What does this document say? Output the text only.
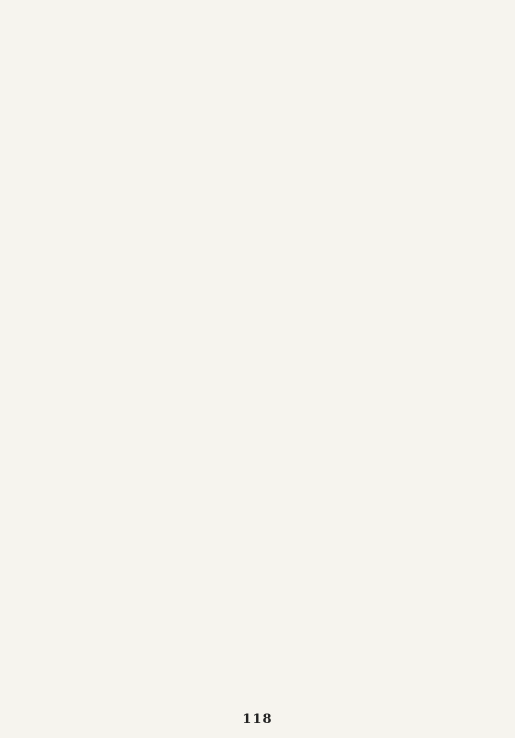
118
